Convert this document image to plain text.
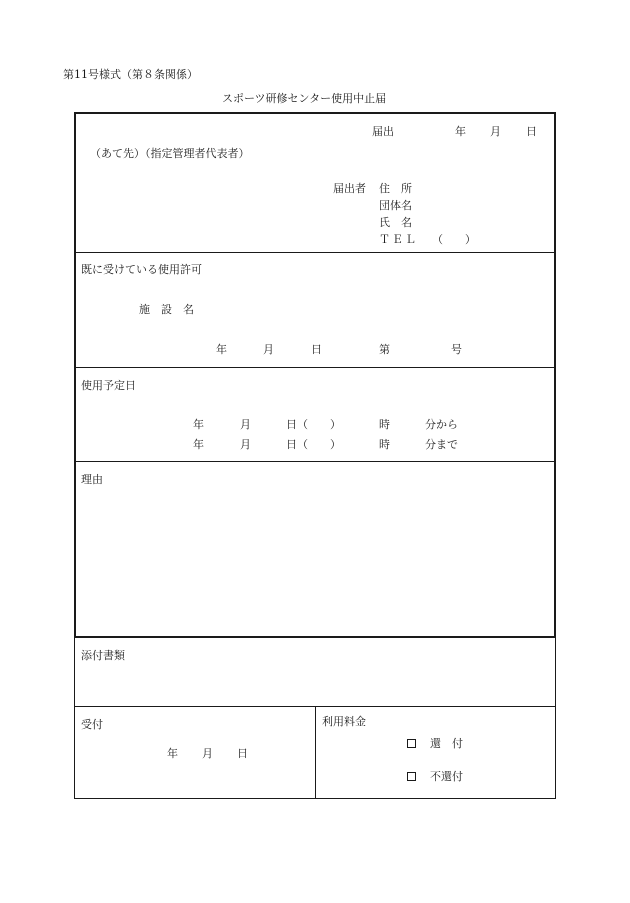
第11号様式（第８条関係）
スポーツ研修センター使用中止届
届出	年 月 日
（あて先）（指定管理者代表者）
届出者 住　所
団体名
氏　名
ＴＥＬ （　　）
既に受けている使用許可
施　設　名
年	月	日	第	号
使用予定日
年	月	日（　　）	時	分から
年	月	日（　　）	時	分まで
理由
添付書類
受付
年 月 日
利用料金
還　付
不還付
